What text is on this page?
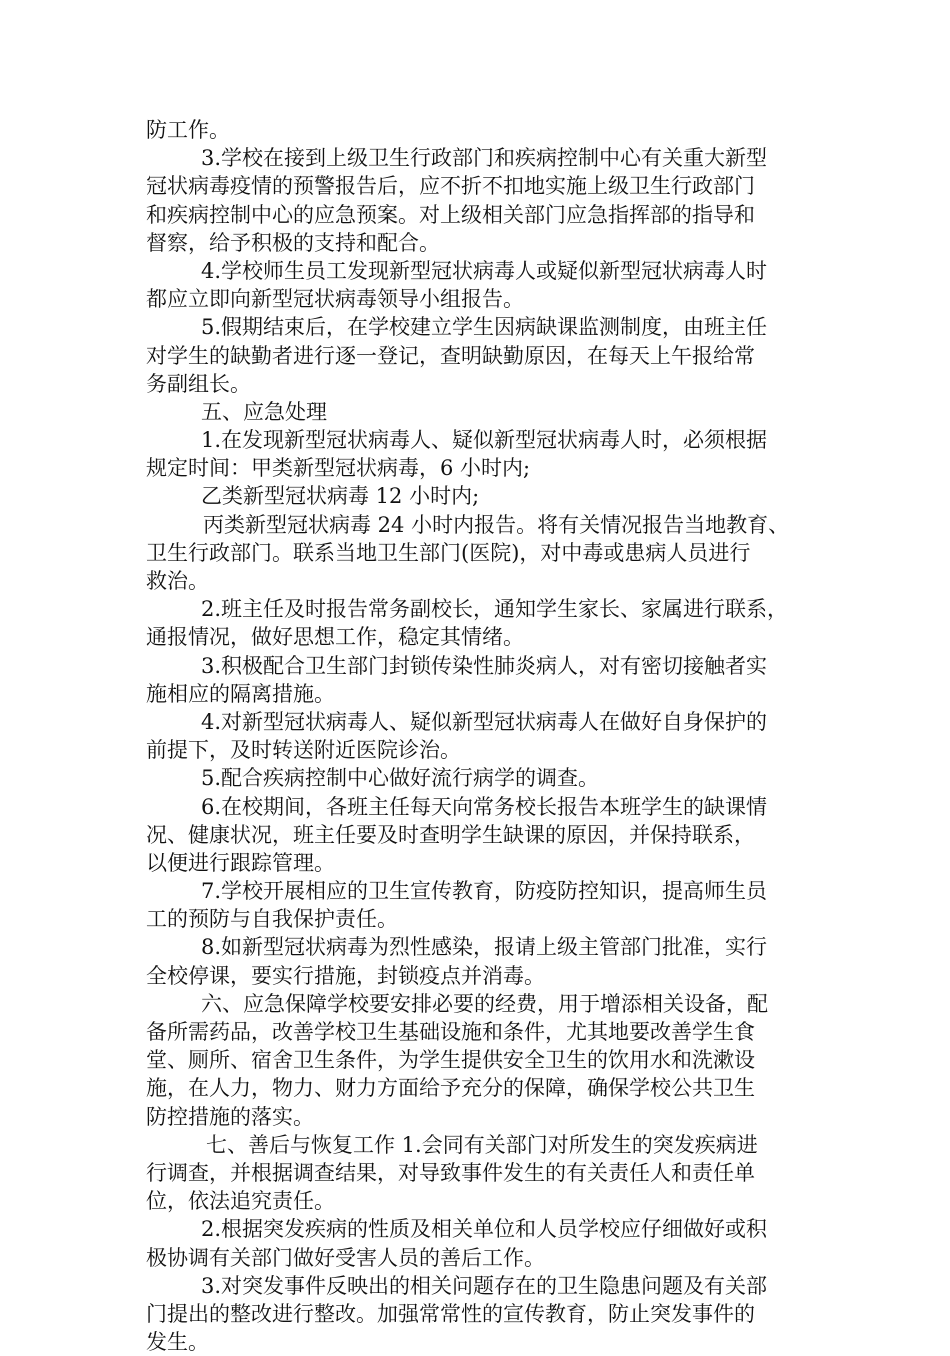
防工作。
3.学校在接到上级卫生行政部门和疾病控制中心有关重大新型
冠状病毒疫情的预警报告后，应不折不扣地实施上级卫生行政部门
和疾病控制中心的应急预案。对上级相关部门应急指挥部的指导和
督察，给予积极的支持和配合。
4.学校师生员工发现新型冠状病毒人或疑似新型冠状病毒人时
都应立即向新型冠状病毒领导小组报告。
5.假期结束后，在学校建立学生因病缺课监测制度，由班主任
对学生的缺勤者进行逐一登记，查明缺勤原因，在每天上午报给常
务副组长。
五、应急处理
1.在发现新型冠状病毒人、疑似新型冠状病毒人时，必须根据
规定时间：甲类新型冠状病毒，6 小时内;
乙类新型冠状病毒 12 小时内;
丙类新型冠状病毒 24 小时内报告。将有关情况报告当地教育、
卫生行政部门。联系当地卫生部门(医院)，对中毒或患病人员进行
救治。
2.班主任及时报告常务副校长，通知学生家长、家属进行联系，
通报情况，做好思想工作，稳定其情绪。
3.积极配合卫生部门封锁传染性肺炎病人，对有密切接触者实
施相应的隔离措施。
4.对新型冠状病毒人、疑似新型冠状病毒人在做好自身保护的
前提下，及时转送附近医院诊治。
5.配合疾病控制中心做好流行病学的调查。
6.在校期间，各班主任每天向常务校长报告本班学生的缺课情
况、健康状况，班主任要及时查明学生缺课的原因，并保持联系，
以便进行跟踪管理。
7.学校开展相应的卫生宣传教育，防疫防控知识，提高师生员
工的预防与自我保护责任。
8.如新型冠状病毒为烈性感染，报请上级主管部门批准，实行
全校停课，要实行措施，封锁疫点并消毒。
六、应急保障学校要安排必要的经费，用于增添相关设备，配
备所需药品，改善学校卫生基础设施和条件，尤其地要改善学生食
堂、厕所、宿舍卫生条件，为学生提供安全卫生的饮用水和洗漱设
施，在人力，物力、财力方面给予充分的保障，确保学校公共卫生
防控措施的落实。
七、善后与恢复工作 1.会同有关部门对所发生的突发疾病进
行调查，并根据调查结果，对导致事件发生的有关责任人和责任单
位，依法追究责任。
2.根据突发疾病的性质及相关单位和人员学校应仔细做好或积
极协调有关部门做好受害人员的善后工作。
3.对突发事件反映出的相关问题存在的卫生隐患问题及有关部
门提出的整改进行整改。加强常常性的宣传教育，防止突发事件的
发生。
